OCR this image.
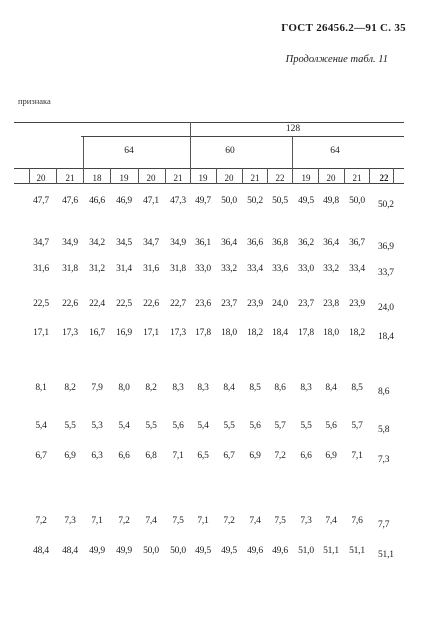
ГОСТ 26456.2—91 С. 35
Продолжение табл. 11
признака
128
64	60	64
20 21 18 19 20 21 19 20 21 22 19 20 21 22
47,7 47,6 46,6 46,9 47,1 47,3 49,7 50,0 50,2 50,5 49,5 49,8 50,0 50,2
34,7 34,9 34,2 34,5 34,7 34,9 36,1 36,4 36,6 36,8 36,2 36,4 36,7 36,9
31,6 31,8 31,2 31,4 31,6 31,8 33,0 33,2 33,4 33,6 33,0 33,2 33,4 33,7
22,5 22,6 22,4 22,5 22,6 22,7 23,6 23,7 23,9 24,0 23,7 23,8 23,9 24,0
17,1 17,3 16,7 16,9 17,1 17,3 17,8 18,0 18,2 18,4 17,8 18,0 18,2 18,4
8,1 8,2 7,9 8,0 8,2 8,3 8,3 8,4 8,5 8,6 8,3 8,4 8,5 8,6
5,4 5,5 5,3 5,4 5,5 5,6 5,4 5,5 5,6 5,7 5,5 5,6 5,7 5,8
6,7 6,9 6,3 6,6 6,8 7,1 6,5 6,7 6,9 7,2 6,6 6,9 7,1 7,3
7,2 7,3 7,1 7,2 7,4 7,5 7,1 7,2 7,4 7,5 7,3 7,4 7,6 7,7
48,4 48,4 49,9 49,9 50,0 50,0 49,5 49,5 49,6 49,6 51,0 51,1 51,1 51,1
